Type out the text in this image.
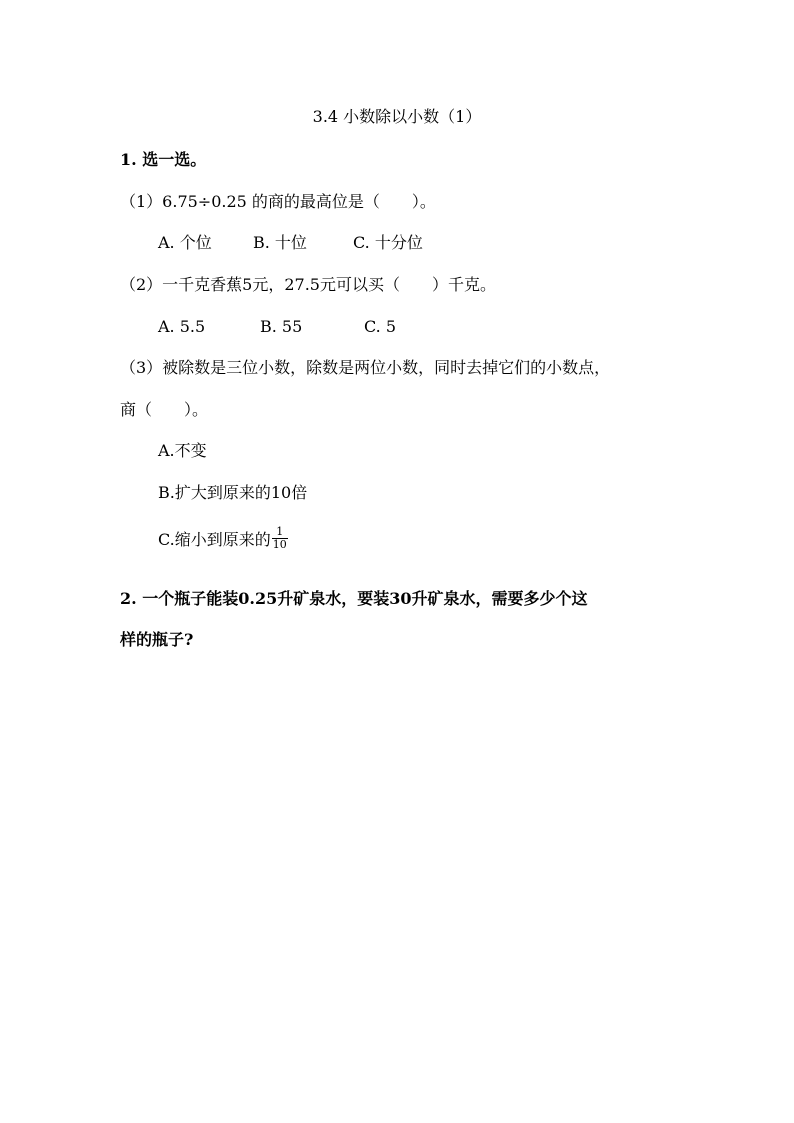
3.4 小数除以小数（1）
1. 选一选。
（1）6.75÷0.25 的商的最高位是（　　）。
A. 个位	B. 十位	C. 十分位
（2）一千克香蕉5元，27.5元可以买（　　）千克。
A. 5.5	B. 55	C. 5
（3）被除数是三位小数，除数是两位小数，同时去掉它们的小数点，
商（　　）。
A.不变
B.扩大到原来的10倍
C.缩小到原来的 $\frac{1}{10}$
2. 一个瓶子能装0.25升矿泉水，要装30升矿泉水，需要多少个这
样的瓶子?
